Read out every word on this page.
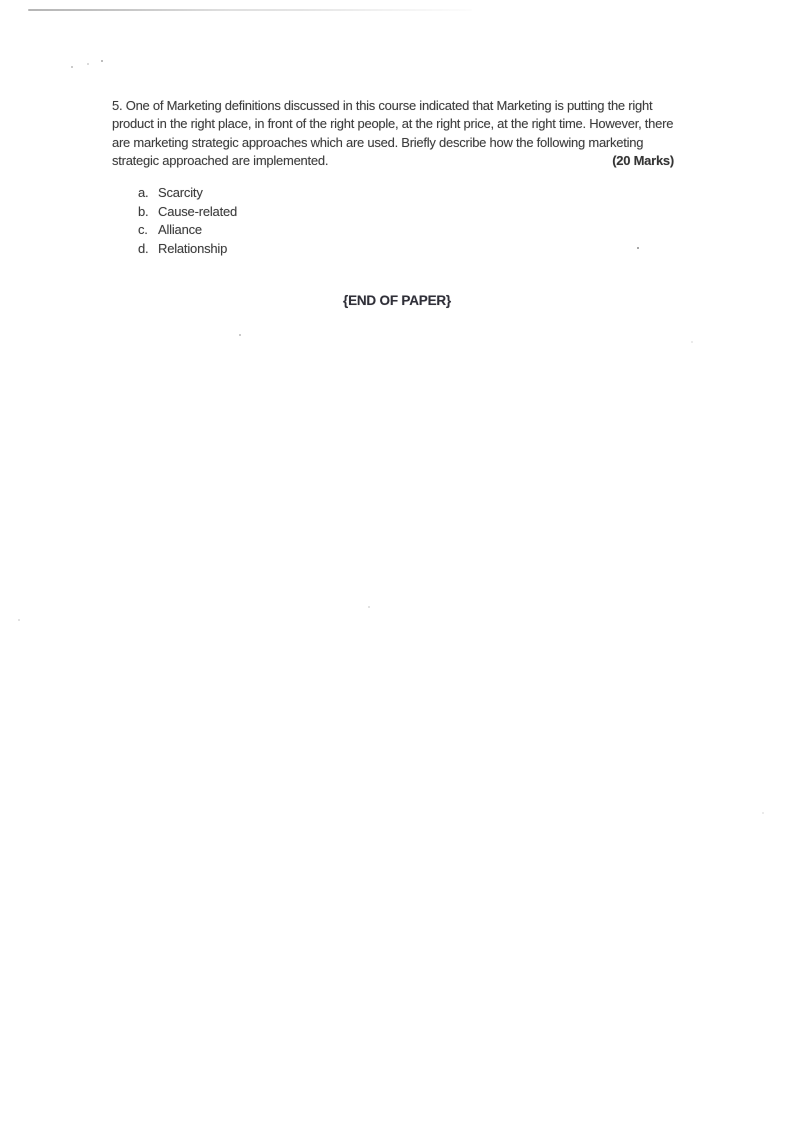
5. One of Marketing definitions discussed in this course indicated that Marketing is putting the right product in the right place, in front of the right people, at the right price, at the right time. However, there are marketing strategic approaches which are used. Briefly describe how the following marketing strategic approached are implemented.	(20 Marks)
a. Scarcity
b. Cause-related
c. Alliance
d. Relationship
{END OF PAPER}
